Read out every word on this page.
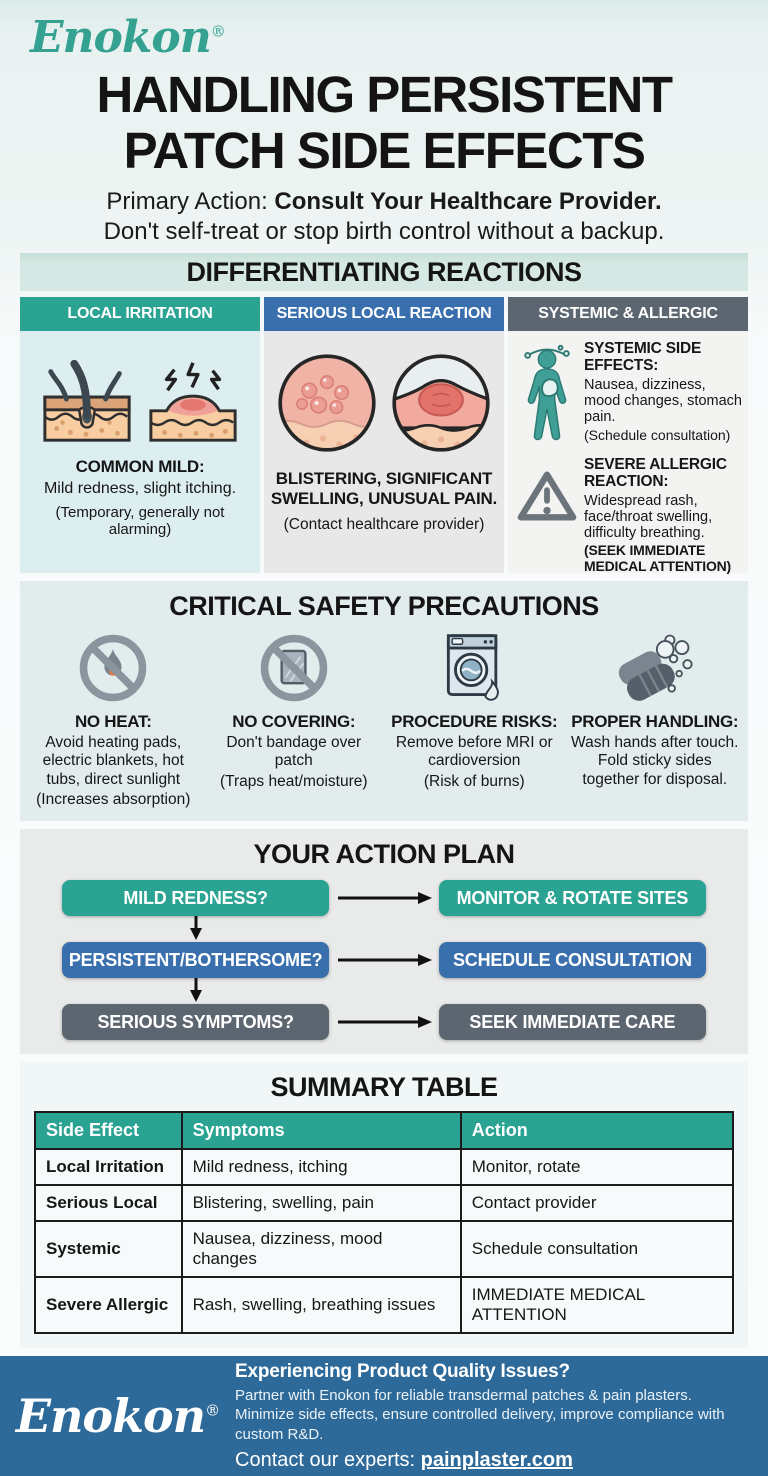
Enokon®
HANDLING PERSISTENT
PATCH SIDE EFFECTS

Primary Action: Consult Your Healthcare Provider.
Don't self-treat or stop birth control without a backup.

DIFFERENTIATING REACTIONS
LOCAL IRRITATION
COMMON MILD:
Mild redness, slight itching.
(Temporary, generally not alarming)
SERIOUS LOCAL REACTION
BLISTERING, SIGNIFICANT SWELLING, UNUSUAL PAIN.
(Contact healthcare provider)
SYSTEMIC & ALLERGIC
SYSTEMIC SIDE EFFECTS:
Nausea, dizziness, mood changes, stomach pain.
(Schedule consultation)
SEVERE ALLERGIC REACTION:
Widespread rash, face/throat swelling, difficulty breathing.
(SEEK IMMEDIATE MEDICAL ATTENTION)
CRITICAL SAFETY PRECAUTIONS
NO HEAT:
Avoid heating pads, electric blankets, hot tubs, direct sunlight
(Increases absorption)
NO COVERING:
Don't bandage over patch
(Traps heat/moisture)
PROCEDURE RISKS:
Remove before MRI or cardioversion
(Risk of burns)
PROPER HANDLING:
Wash hands after touch. Fold sticky sides together for disposal.
YOUR ACTION PLAN
MILD REDNESS?	MONITOR & ROTATE SITES
PERSISTENT/BOTHERSOME?	SCHEDULE CONSULTATION
SERIOUS SYMPTOMS?	SEEK IMMEDIATE CARE
SUMMARY TABLE
Side Effect	Symptoms	Action
Local Irritation	Mild redness, itching	Monitor, rotate
Serious Local	Blistering, swelling, pain	Contact provider
Systemic	Nausea, dizziness, mood changes	Schedule consultation
Severe Allergic	Rash, swelling, breathing issues	IMMEDIATE MEDICAL ATTENTION
Enokon®
Experiencing Product Quality Issues?
Partner with Enokon for reliable transdermal patches & pain plasters. Minimize side effects, ensure controlled delivery, improve compliance with custom R&D.
Contact our experts: painplaster.com
